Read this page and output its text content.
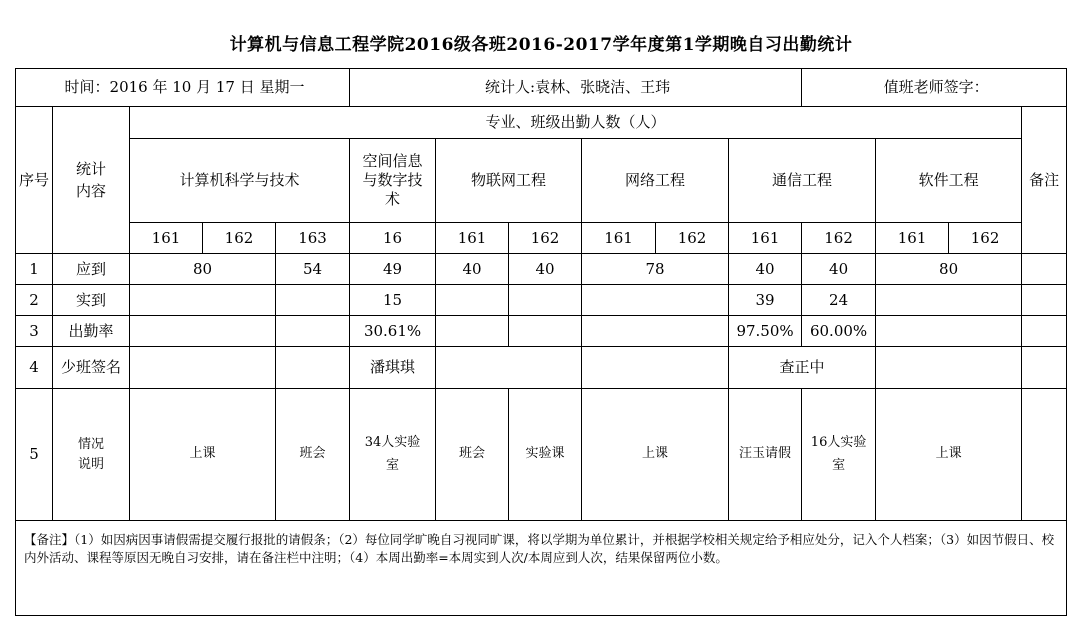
计算机与信息工程学院2016级各班2016-2017学年度第1学期晚自习出勤统计
时间：2016 年 10 月 17 日 星期一					统计人:袁林、张晓洁、王玮						值班老师签字：			
序号	统计内容	专业、班级出勤人数（人）												备注
		计算机科学与技术			空间信息与数字技术	物联网工程		网络工程		通信工程		软件工程		
		161	162	163	16	161	162	161	162	161	162	161	162	
1	应到	80		54	49	40	40	78		40	40	80		
2	实到				15					39	24			
3	出勤率				30.61%					97.50%	60.00%			
4	少班签名				潘琪琪					查正中				
5	情况说明	上课		班会	34人实验室	班会	实验课	上课		汪玉请假	16人实验室	上课		
【备注】（1）如因病因事请假需提交履行报批的请假条；（2）每位同学旷晚自习视同旷课，将以学期为单位累计，并根据学校相关规定给予相应处分，记入个人档案；（3）如因节假日、校内外活动、课程等原因无晚自习安排，请在备注栏中注明；（4）本周出勤率=本周实到人次/本周应到人次，结果保留两位小数。														
